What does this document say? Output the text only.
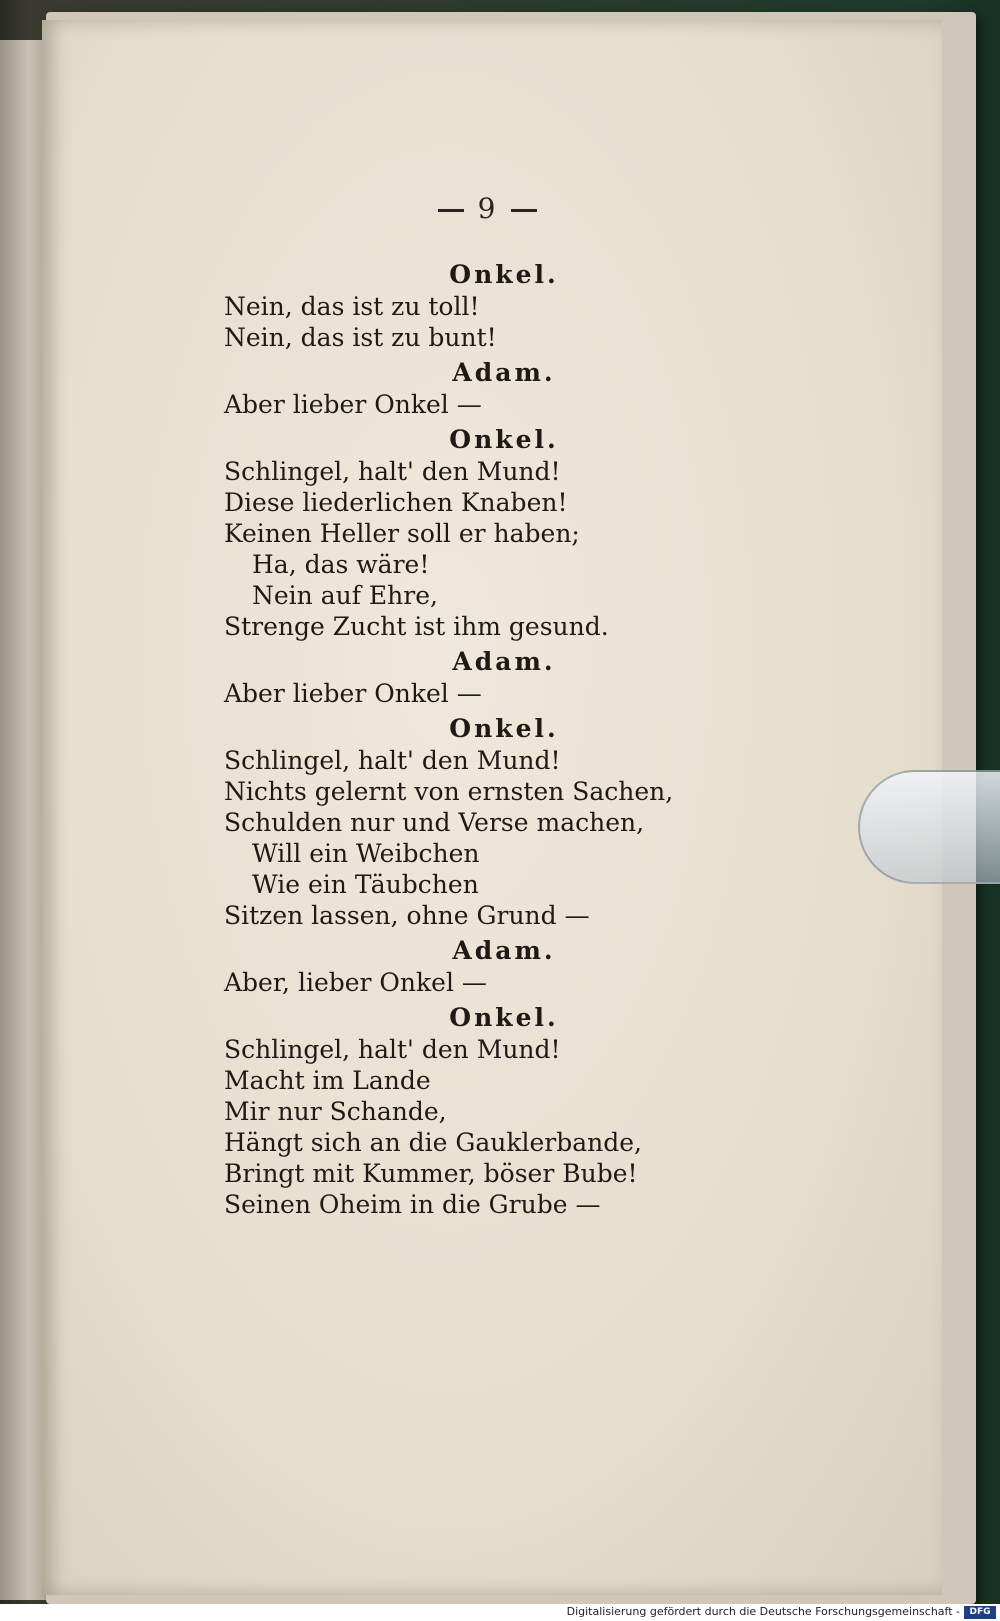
9
Onkel.
Nein, das ist zu toll!
Nein, das ist zu bunt!
Adam.
Aber lieber Onkel —
Onkel.
Schlingel, halt' den Mund!
Diese liederlichen Knaben!
Keinen Heller soll er haben;
Ha, das wäre!
Nein auf Ehre,
Strenge Zucht ist ihm gesund.
Adam.
Aber lieber Onkel —
Onkel.
Schlingel, halt' den Mund!
Nichts gelernt von ernsten Sachen,
Schulden nur und Verse machen,
Will ein Weibchen
Wie ein Täubchen
Sitzen lassen, ohne Grund —
Adam.
Aber, lieber Onkel —
Onkel.
Schlingel, halt' den Mund!
Macht im Lande
Mir nur Schande,
Hängt sich an die Gauklerbande,
Bringt mit Kummer, böser Bube!
Seinen Oheim in die Grube —
Digitalisierung gefördert durch die Deutsche Forschungsgemeinschaft -	DFG
